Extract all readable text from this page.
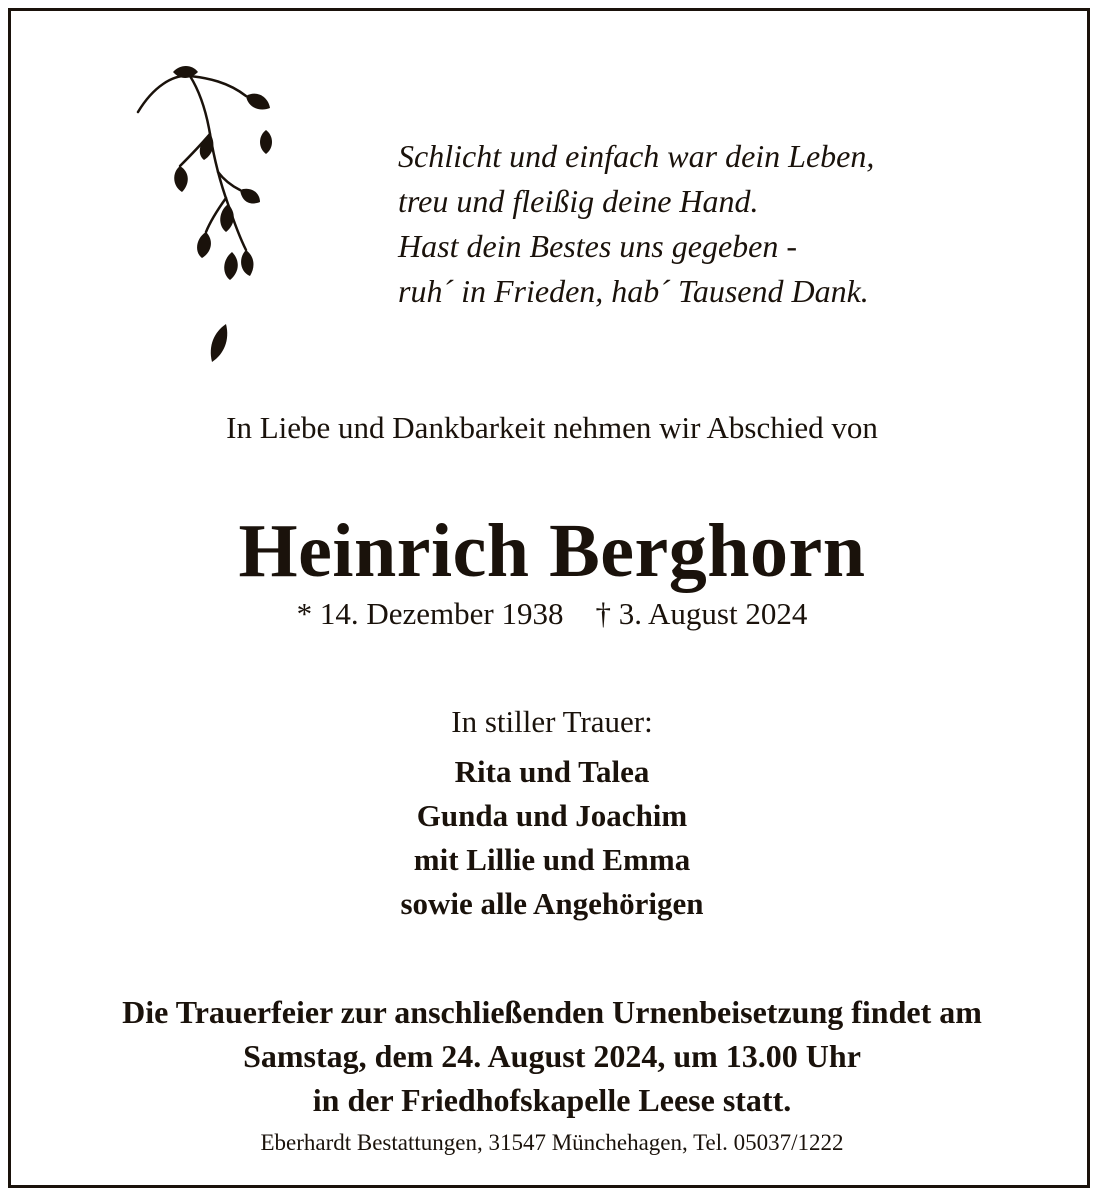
Schlicht und einfach war dein Leben,
treu und fleißig deine Hand.
Hast dein Bestes uns gegeben -
ruh´ in Frieden, hab´ Tausend Dank.
In Liebe und Dankbarkeit nehmen wir Abschied von
Heinrich Berghorn
* 14. Dezember 1938 † 3. August 2024
In stiller Trauer:
Rita und Talea
Gunda und Joachim
mit Lillie und Emma
sowie alle Angehörigen
Die Trauerfeier zur anschließenden Urnenbeisetzung findet am
Samstag, dem 24. August 2024, um 13.00 Uhr
in der Friedhofskapelle Leese statt.
Eberhardt Bestattungen, 31547 Münchehagen, Tel. 05037/1222
